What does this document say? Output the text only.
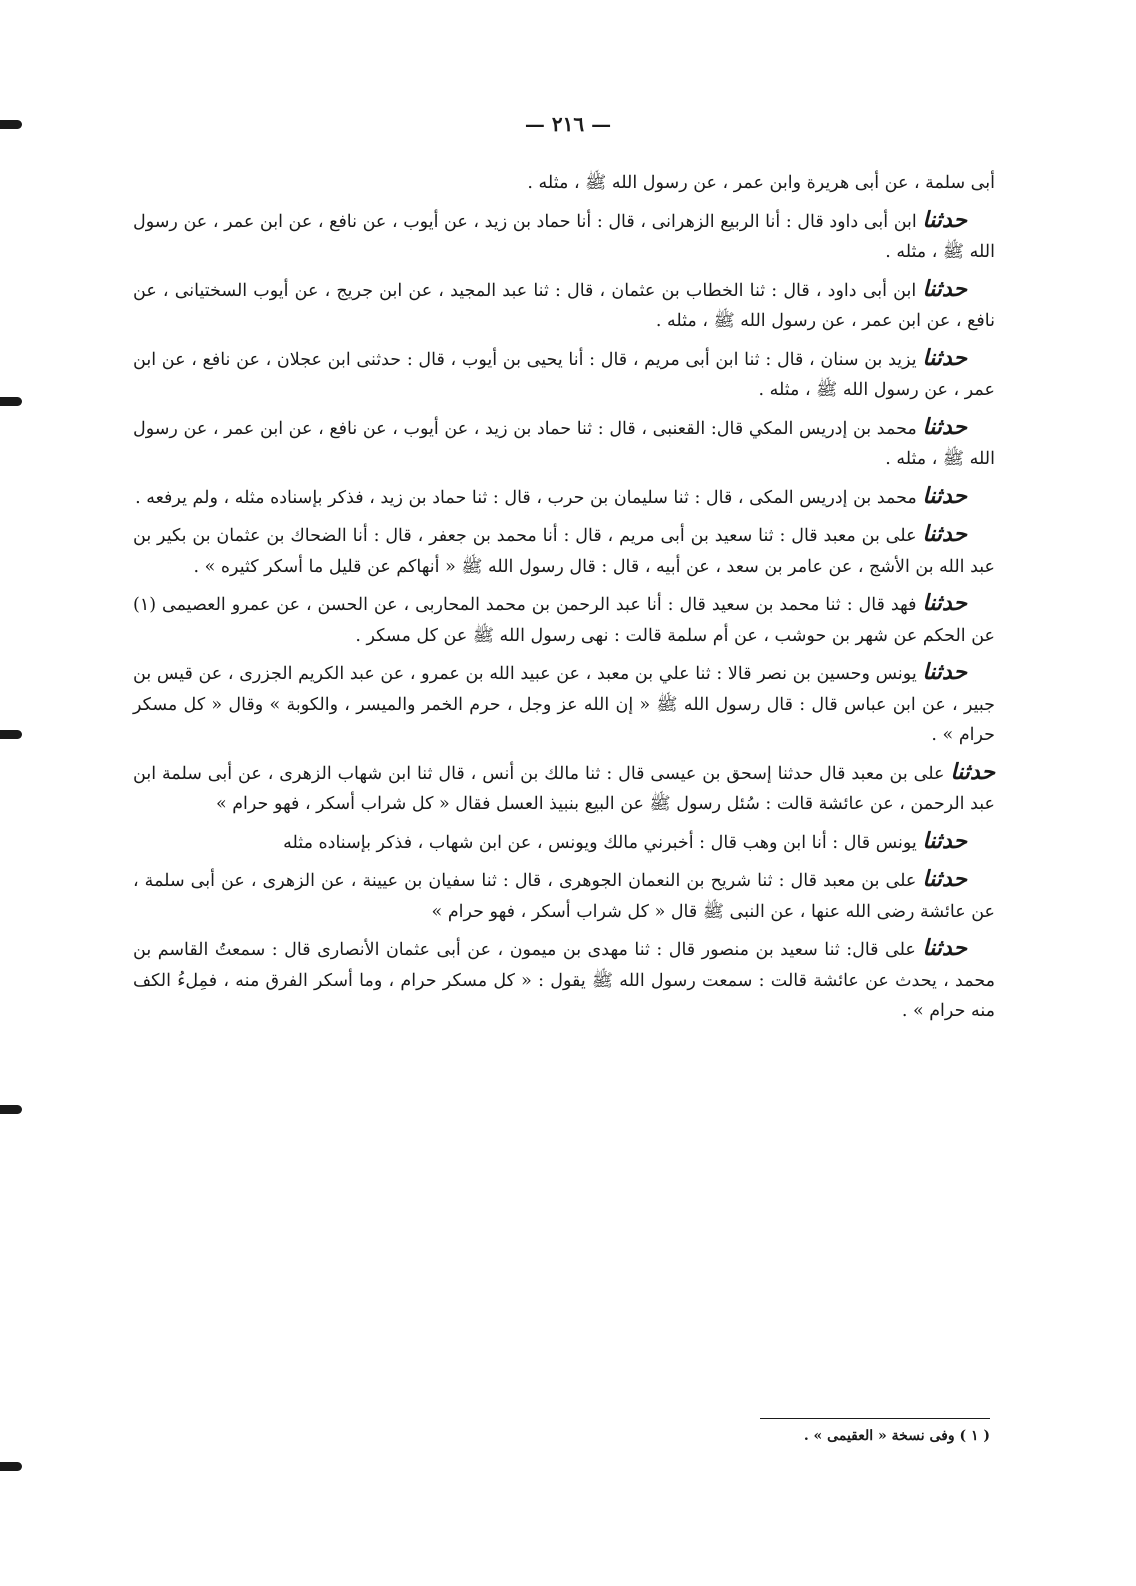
— ٢١٦ —

أبى سلمة ، عن أبى هريرة وابن عمر ، عن رسول الله ﷺ ، مثله .

حدثنا ابن أبى داود قال : أنا الربيع الزهرانى ، قال : أنا حماد بن زيد ، عن أيوب ، عن نافع ، عن ابن عمر ، عن رسول الله ﷺ ، مثله .

حدثنا ابن أبى داود ، قال : ثنا الخطاب بن عثمان ، قال : ثنا عبد المجيد ، عن ابن جريج ، عن أيوب السختيانى ، عن نافع ، عن ابن عمر ، عن رسول الله ﷺ ، مثله .

حدثنا يزيد بن سنان ، قال : ثنا ابن أبى مريم ، قال : أنا يحيى بن أيوب ، قال : حدثنى ابن عجلان ، عن نافع ، عن ابن عمر ، عن رسول الله ﷺ ، مثله .

حدثنا محمد بن إدريس المكي قال: القعنبى ، قال : ثنا حماد بن زيد ، عن أيوب ، عن نافع ، عن ابن عمر ، عن رسول الله ﷺ ، مثله .

حدثنا محمد بن إدريس المكى ، قال : ثنا سليمان بن حرب ، قال : ثنا حماد بن زيد ، فذكر بإسناده مثله ، ولم يرفعه .

حدثنا على بن معبد قال : ثنا سعيد بن أبى مريم ، قال : أنا محمد بن جعفر ، قال : أنا الضحاك بن عثمان بن بكير بن عبد الله بن الأشج ، عن عامر بن سعد ، عن أبيه ، قال : قال رسول الله ﷺ « أنهاكم عن قليل ما أسكر كثيره » .

حدثنا فهد قال : ثنا محمد بن سعيد قال : أنا عبد الرحمن بن محمد المحاربى ، عن الحسن ، عن عمرو العصيمى (١) عن الحكم عن شهر بن حوشب ، عن أم سلمة قالت : نهى رسول الله ﷺ عن كل مسكر .

حدثنا يونس وحسين بن نصر قالا : ثنا علي بن معبد ، عن عبيد الله بن عمرو ، عن عبد الكريم الجزرى ، عن قيس بن جبير ، عن ابن عباس قال : قال رسول الله ﷺ « إن الله عز وجل ، حرم الخمر والميسر ، والكوبة » وقال « كل مسكر حرام » .

حدثنا على بن معبد قال حدثنا إسحق بن عيسى قال : ثنا مالك بن أنس ، قال ثنا ابن شهاب الزهرى ، عن أبى سلمة ابن عبد الرحمن ، عن عائشة قالت : سُئل رسول ﷺ عن البيع بنبيذ العسل فقال « كل شراب أسكر ، فهو حرام »

حدثنا يونس قال : أنا ابن وهب قال : أخبرني مالك ويونس ، عن ابن شهاب ، فذكر بإسناده مثله

حدثنا على بن معبد قال : ثنا شريح بن النعمان الجوهرى ، قال : ثنا سفيان بن عيينة ، عن الزهرى ، عن أبى سلمة ، عن عائشة رضى الله عنها ، عن النبى ﷺ قال « كل شراب أسكر ، فهو حرام »

حدثنا على قال: ثنا سعيد بن منصور قال : ثنا مهدى بن ميمون ، عن أبى عثمان الأنصارى قال : سمعتُ القاسم بن محمد ، يحدث عن عائشة قالت : سمعت رسول الله ﷺ يقول : « كل مسكر حرام ، وما أسكر الفرق منه ، فمِلءُ الكف منه حرام » .

( ١ ) وفى نسخة « العقيمى » .
